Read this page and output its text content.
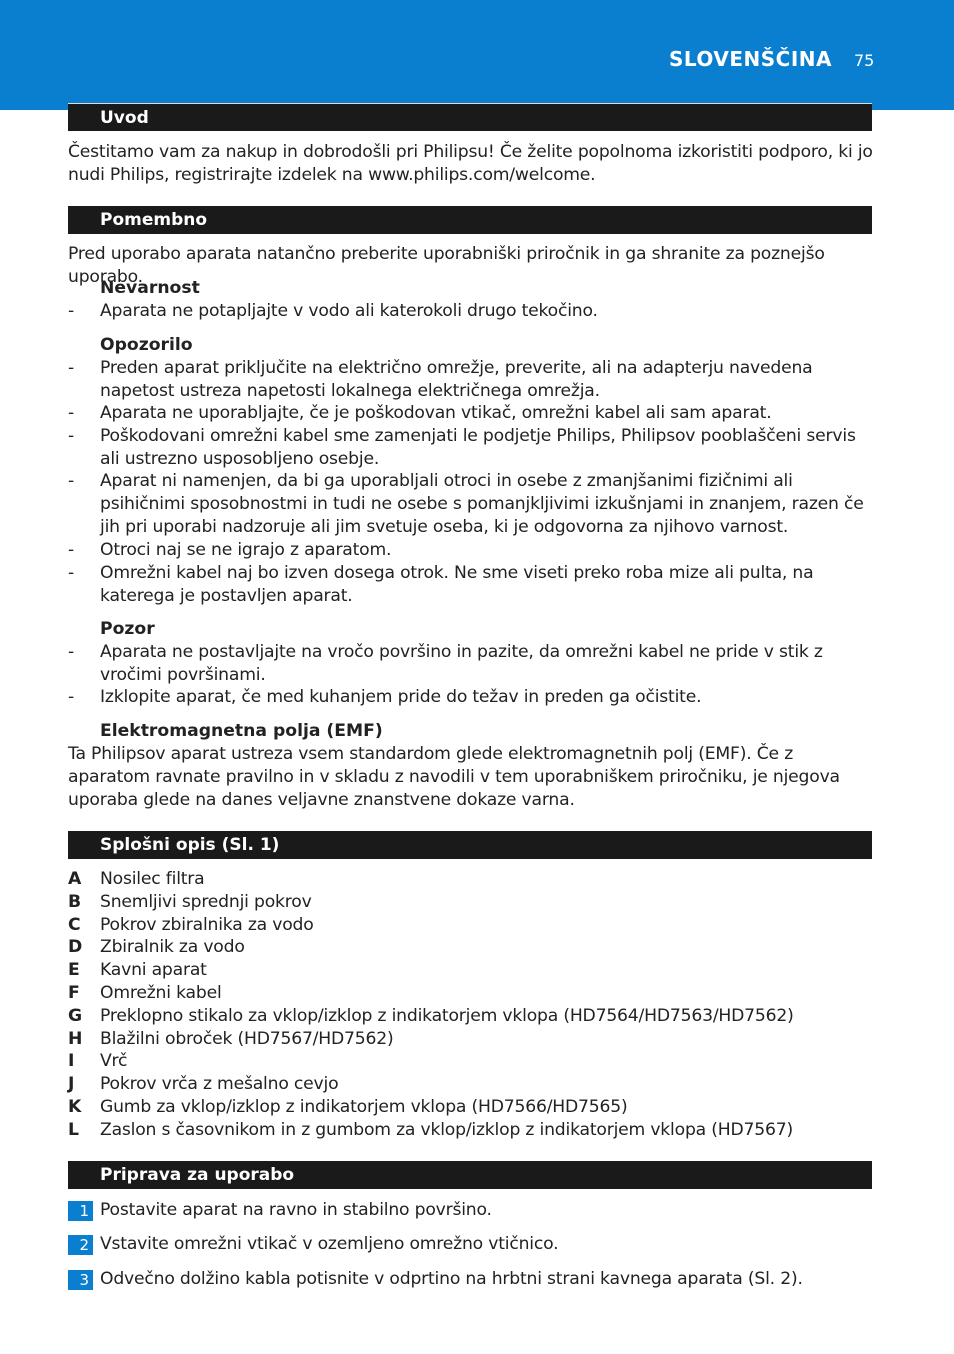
SLOVENŠČINA 75
Uvod
Čestitamo vam za nakup in dobrodošli pri Philipsu! Če želite popolnoma izkoristiti podporo, ki jo nudi Philips, registrirajte izdelek na www.philips.com/welcome.
Pomembno
Pred uporabo aparata natančno preberite uporabniški priročnik in ga shranite za poznejšo uporabo.
Nevarnost
- Aparata ne potapljajte v vodo ali katerokoli drugo tekočino.
Opozorilo
- Preden aparat priključite na električno omrežje, preverite, ali na adapterju navedena napetost ustreza napetosti lokalnega električnega omrežja.
- Aparata ne uporabljajte, če je poškodovan vtikač, omrežni kabel ali sam aparat.
- Poškodovani omrežni kabel sme zamenjati le podjetje Philips, Philipsov pooblaščeni servis ali ustrezno usposobljeno osebje.
- Aparat ni namenjen, da bi ga uporabljali otroci in osebe z zmanjšanimi fizičnimi ali psihičnimi sposobnostmi in tudi ne osebe s pomanjkljivimi izkušnjami in znanjem, razen če jih pri uporabi nadzoruje ali jim svetuje oseba, ki je odgovorna za njihovo varnost.
- Otroci naj se ne igrajo z aparatom.
- Omrežni kabel naj bo izven dosega otrok. Ne sme viseti preko roba mize ali pulta, na katerega je postavljen aparat.
Pozor
- Aparata ne postavljajte na vročo površino in pazite, da omrežni kabel ne pride v stik z vročimi površinami.
- Izklopite aparat, če med kuhanjem pride do težav in preden ga očistite.
Elektromagnetna polja (EMF)
Ta Philipsov aparat ustreza vsem standardom glede elektromagnetnih polj (EMF). Če z aparatom ravnate pravilno in v skladu z navodili v tem uporabniškem priročniku, je njegova uporaba glede na danes veljavne znanstvene dokaze varna.
Splošni opis (Sl. 1)
A Nosilec filtra
B Snemljivi sprednji pokrov
C Pokrov zbiralnika za vodo
D Zbiralnik za vodo
E Kavni aparat
F Omrežni kabel
G Preklopno stikalo za vklop/izklop z indikatorjem vklopa (HD7564/HD7563/HD7562)
H Blažilni obroček (HD7567/HD7562)
I Vrč
J Pokrov vrča z mešalno cevjo
K Gumb za vklop/izklop z indikatorjem vklopa (HD7566/HD7565)
L Zaslon s časovnikom in z gumbom za vklop/izklop z indikatorjem vklopa (HD7567)
Priprava za uporabo
1 Postavite aparat na ravno in stabilno površino.
2 Vstavite omrežni vtikač v ozemljeno omrežno vtičnico.
3 Odvečno dolžino kabla potisnite v odprtino na hrbtni strani kavnega aparata (Sl. 2).
